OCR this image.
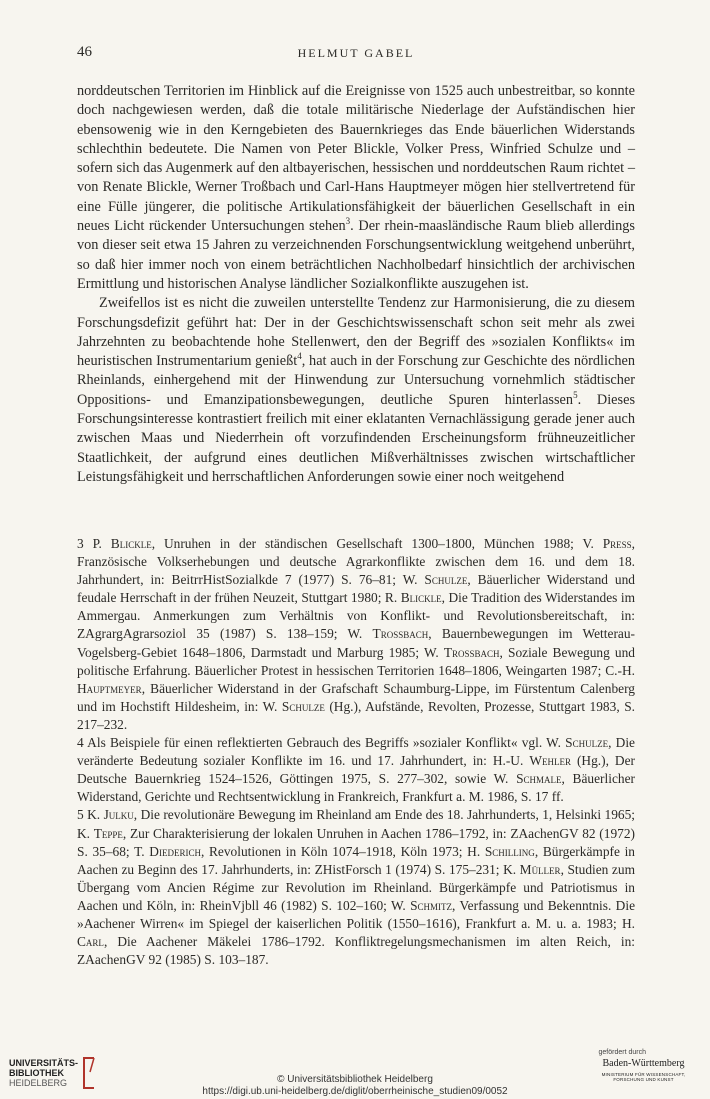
46	HELMUT GABEL

norddeutschen Territorien im Hinblick auf die Ereignisse von 1525 auch unbestreitbar, so konnte doch nachgewiesen werden, daß die totale militärische Niederlage der Aufständischen hier ebensowenig wie in den Kerngebieten des Bauernkrieges das Ende bäuerlichen Widerstands schlechthin bedeutete. Die Namen von Peter Blickle, Volker Press, Winfried Schulze und – sofern sich das Augenmerk auf den altbayerischen, hessischen und norddeutschen Raum richtet – von Renate Blickle, Werner Troßbach und Carl-Hans Hauptmeyer mögen hier stellvertretend für eine Fülle jüngerer, die politische Artikulationsfähigkeit der bäuerlichen Gesellschaft in ein neues Licht rückender Untersuchungen stehen$^3$. Der rhein-maasländische Raum blieb allerdings von dieser seit etwa 15 Jahren zu verzeichnenden Forschungsentwicklung weitgehend unberührt, so daß hier immer noch von einem beträchtlichen Nachholbedarf hinsichtlich der archivischen Ermittlung und historischen Analyse ländlicher Sozialkonflikte auszugehen ist.

Zweifellos ist es nicht die zuweilen unterstellte Tendenz zur Harmonisierung, die zu diesem Forschungsdefizit geführt hat: Der in der Geschichtswissenschaft schon seit mehr als zwei Jahrzehnten zu beobachtende hohe Stellenwert, den der Begriff des »sozialen Konflikts« im heuristischen Instrumentarium genießt$^4$, hat auch in der Forschung zur Geschichte des nördlichen Rheinlands, einhergehend mit der Hinwendung zur Untersuchung vornehmlich städtischer Oppositions- und Emanzipationsbewegungen, deutliche Spuren hinterlassen$^5$. Dieses Forschungsinteresse kontrastiert freilich mit einer eklatanten Vernachlässigung gerade jener auch zwischen Maas und Niederrhein oft vorzufindenden Erscheinungsform frühneuzeitlicher Staatlichkeit, der aufgrund eines deutlichen Mißverhältnisses zwischen wirtschaftlicher Leistungsfähigkeit und herrschaftlichen Anforderungen sowie einer noch weitgehend

3 P. Blickle, Unruhen in der ständischen Gesellschaft 1300–1800, München 1988; V. Press, Französische Volkserhebungen und deutsche Agrarkonflikte zwischen dem 16. und dem 18. Jahrhundert, in: BeitrrHistSozialkde 7 (1977) S. 76–81; W. Schulze, Bäuerlicher Widerstand und feudale Herrschaft in der frühen Neuzeit, Stuttgart 1980; R. Blickle, Die Tradition des Widerstandes im Ammergau. Anmerkungen zum Verhältnis von Konflikt- und Revolutionsbereitschaft, in: ZAgrargAgrarsoziol 35 (1987) S. 138–159; W. Trossbach, Bauernbewegungen im Wetterau-Vogelsberg-Gebiet 1648–1806, Darmstadt und Marburg 1985; W. Trossbach, Soziale Bewegung und politische Erfahrung. Bäuerlicher Protest in hessischen Territorien 1648–1806, Weingarten 1987; C.-H. Hauptmeyer, Bäuerlicher Widerstand in der Grafschaft Schaumburg-Lippe, im Fürstentum Calenberg und im Hochstift Hildesheim, in: W. Schulze (Hg.), Aufstände, Revolten, Prozesse, Stuttgart 1983, S. 217–232.

4 Als Beispiele für einen reflektierten Gebrauch des Begriffs »sozialer Konflikt« vgl. W. Schulze, Die veränderte Bedeutung sozialer Konflikte im 16. und 17. Jahrhundert, in: H.-U. Wehler (Hg.), Der Deutsche Bauernkrieg 1524–1526, Göttingen 1975, S. 277–302, sowie W. Schmale, Bäuerlicher Widerstand, Gerichte und Rechtsentwicklung in Frankreich, Frankfurt a. M. 1986, S. 17 ff.

5 K. Julku, Die revolutionäre Bewegung im Rheinland am Ende des 18. Jahrhunderts, 1, Helsinki 1965; K. Teppe, Zur Charakterisierung der lokalen Unruhen in Aachen 1786–1792, in: ZAachenGV 82 (1972) S. 35–68; T. Diederich, Revolutionen in Köln 1074–1918, Köln 1973; H. Schilling, Bürgerkämpfe in Aachen zu Beginn des 17. Jahrhunderts, in: ZHistForsch 1 (1974) S. 175–231; K. Müller, Studien zum Übergang vom Ancien Régime zur Revolution im Rheinland. Bürgerkämpfe und Patriotismus in Aachen und Köln, in: RheinVjbll 46 (1982) S. 102–160; W. Schmitz, Verfassung und Bekenntnis. Die »Aachener Wirren« im Spiegel der kaiserlichen Politik (1550–1616), Frankfurt a. M. u. a. 1983; H. Carl, Die Aachener Mäkelei 1786–1792. Konfliktregelungsmechanismen im alten Reich, in: ZAachenGV 92 (1985) S. 103–187.

UNIVERSITÄTS-
BIBLIOTHEK
HEIDELBERG	© Universitätsbibliothek Heidelberg
https://digi.ub.uni-heidelberg.de/diglit/oberrheinische_studien09/0052
gefördert durch
Baden-Württemberg
MINISTERIUM FÜR WISSENSCHAFT, FORSCHUNG UND KUNST
